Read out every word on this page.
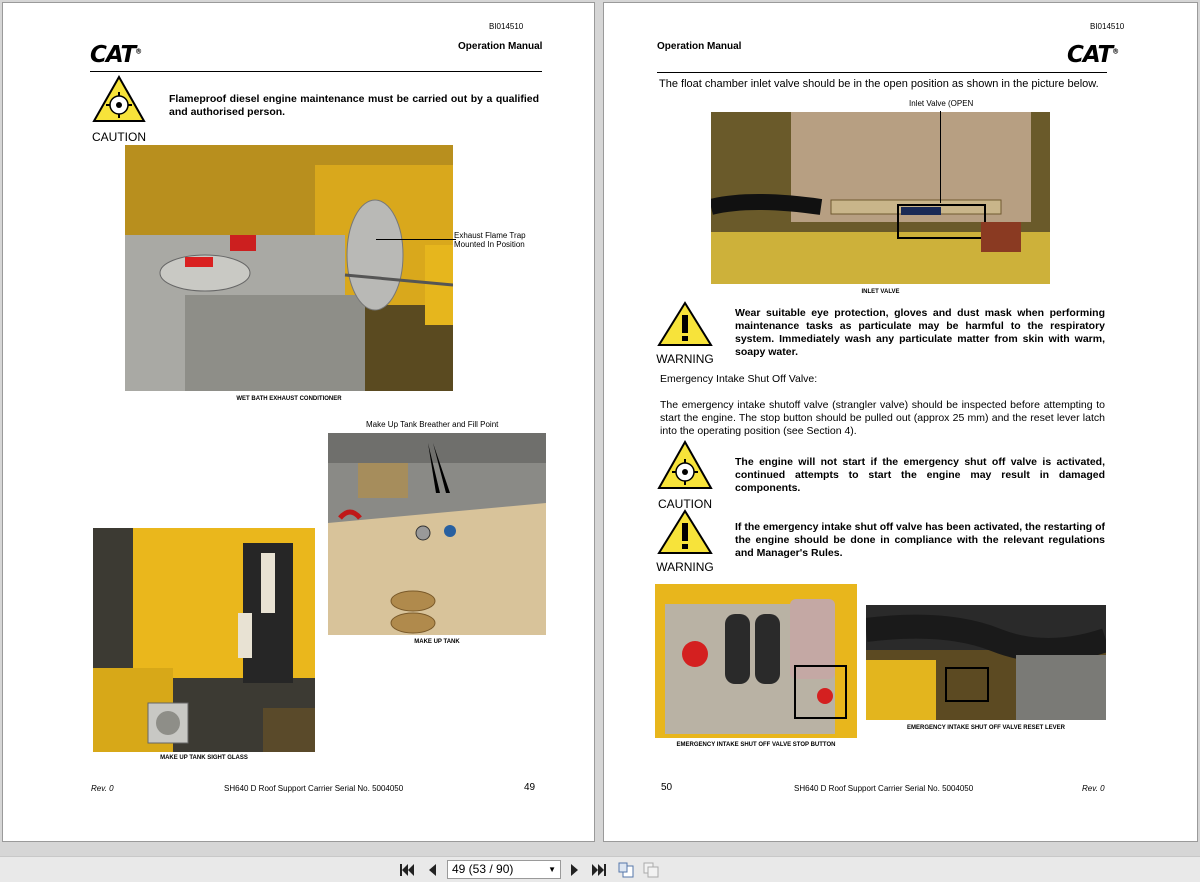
BI014510
Operation Manual
CAT®
CAUTION
Flameproof diesel engine maintenance must be carried out by a qualified and authorised person.
Exhaust Flame Trap Mounted In Position
WET BATH EXHAUST CONDITIONER
Make Up Tank Breather and Fill Point
MAKE UP TANK
MAKE UP TANK SIGHT GLASS
Rev. 0	SH640 D Roof Support Carrier Serial No. 5004050	49
BI014510
Operation Manual	CAT®
The float chamber inlet valve should be in the open position as shown in the picture below.
Inlet Valve (OPEN
INLET VALVE
WARNING
Wear suitable eye protection, gloves and dust mask when performing maintenance tasks as particulate may be harmful to the respiratory system. Immediately wash any particulate matter from skin with warm, soapy water.
Emergency Intake Shut Off Valve:
The emergency intake shutoff valve (strangler valve) should be inspected before attempting to start the engine. The stop button should be pulled out (approx 25 mm) and the reset lever latch into the operating position (see Section 4).
CAUTION
The engine will not start if the emergency shut off valve is activated, continued attempts to start the engine may result in damaged components.
WARNING
If the emergency intake shut off valve has been activated, the restarting of the engine should be done in compliance with the relevant regulations and Manager's Rules.
EMERGENCY INTAKE SHUT OFF VALVE STOP BUTTON
EMERGENCY INTAKE SHUT OFF VALVE RESET LEVER
50	SH640 D Roof Support Carrier Serial No. 5004050	Rev. 0
49 (53 / 90)	▼
